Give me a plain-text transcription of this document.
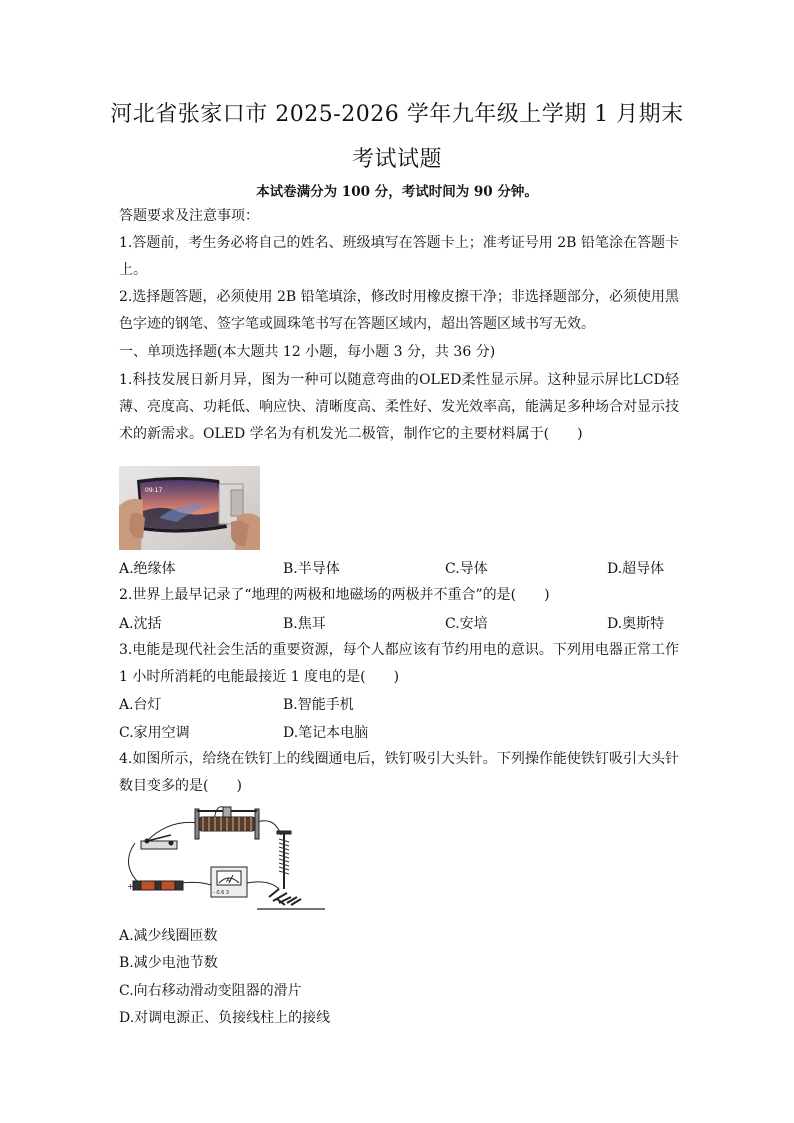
河北省张家口市 2025-2026 学年九年级上学期 1 月期末
考试试题
本试卷满分为 100 分，考试时间为 90 分钟。
答题要求及注意事项：
1.答题前，考生务必将自己的姓名、班级填写在答题卡上；准考证号用 2B 铅笔涂在答题卡
上。
2.选择题答题，必须使用 2B 铅笔填涂，修改时用橡皮擦干净；非选择题部分，必须使用黑
色字迹的钢笔、签字笔或圆珠笔书写在答题区域内，超出答题区域书写无效。
一、单项选择题(本大题共 12 小题，每小题 3 分，共 36 分)
1.科技发展日新月异，图为一种可以随意弯曲的OLED柔性显示屏。这种显示屏比LCD轻
薄、亮度高、功耗低、响应快、清晰度高、柔性好、发光效率高，能满足多种场合对显示技
术的新需求。OLED 学名为有机发光二极管，制作它的主要材料属于(　　)
09:17
A.绝缘体	B.半导体	C.导体	D.超导体
2.世界上最早记录了“地理的两极和地磁场的两极并不重合”的是(　　)
A.沈括	B.焦耳	C.安培	D.奥斯特
3.电能是现代社会生活的重要资源，每个人都应该有节约用电的意识。下列用电器正常工作
1 小时所消耗的电能最接近 1 度电的是(　　)
A.台灯	B.智能手机
C.家用空调	D.笔记本电脑
4.如图所示，给绕在铁钉上的线圈通电后，铁钉吸引大头针。下列操作能使铁钉吸引大头针
数目变多的是(　　)
+
A
- 0.6 3
A.减少线圈匝数
B.减少电池节数
C.向右移动滑动变阻器的滑片
D.对调电源正、负接线柱上的接线
